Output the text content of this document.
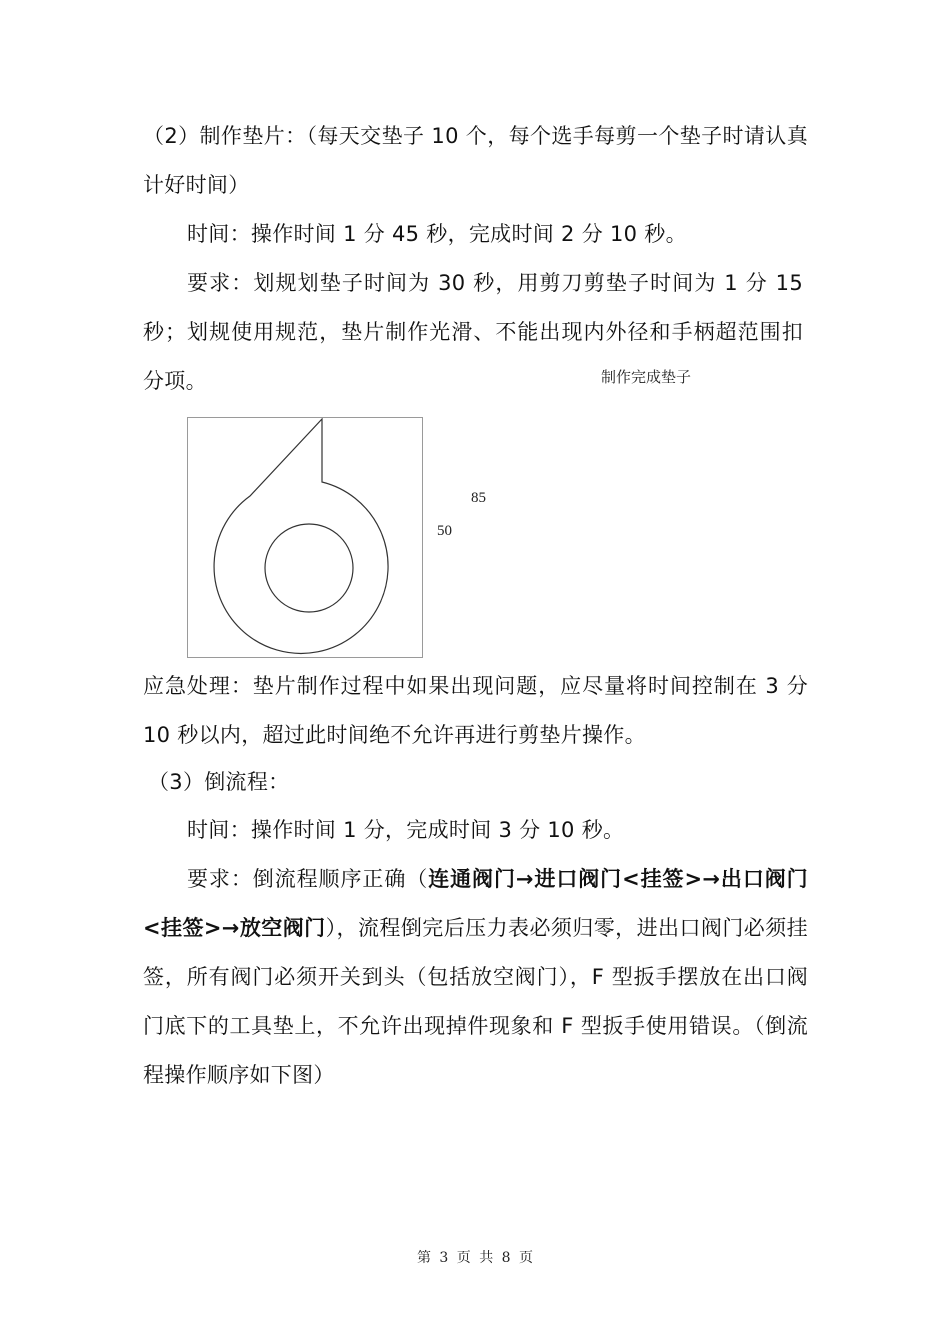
（2）制作垫片：（每天交垫子 10 个，每个选手每剪一个垫子时请认真计好时间）

时间：操作时间 1 分 45 秒，完成时间 2 分 10 秒。

要求：划规划垫子时间为 30 秒，用剪刀剪垫子时间为 1 分 15 秒；划规使用规范，垫片制作光滑、不能出现内外径和手柄超范围扣分项。	制作完成垫子
85
50

应急处理：垫片制作过程中如果出现问题，应尽量将时间控制在 3 分 10 秒以内，超过此时间绝不允许再进行剪垫片操作。

（3）倒流程：

时间：操作时间 1 分，完成时间 3 分 10 秒。

要求：倒流程顺序正确（连通阀门→进口阀门<挂签>→出口阀门<挂签>→放空阀门），流程倒完后压力表必须归零，进出口阀门必须挂签，所有阀门必须开关到头（包括放空阀门），F 型扳手摆放在出口阀门底下的工具垫上，不允许出现掉件现象和 F 型扳手使用错误。（倒流程操作顺序如下图）

第 3 页 共 8 页
